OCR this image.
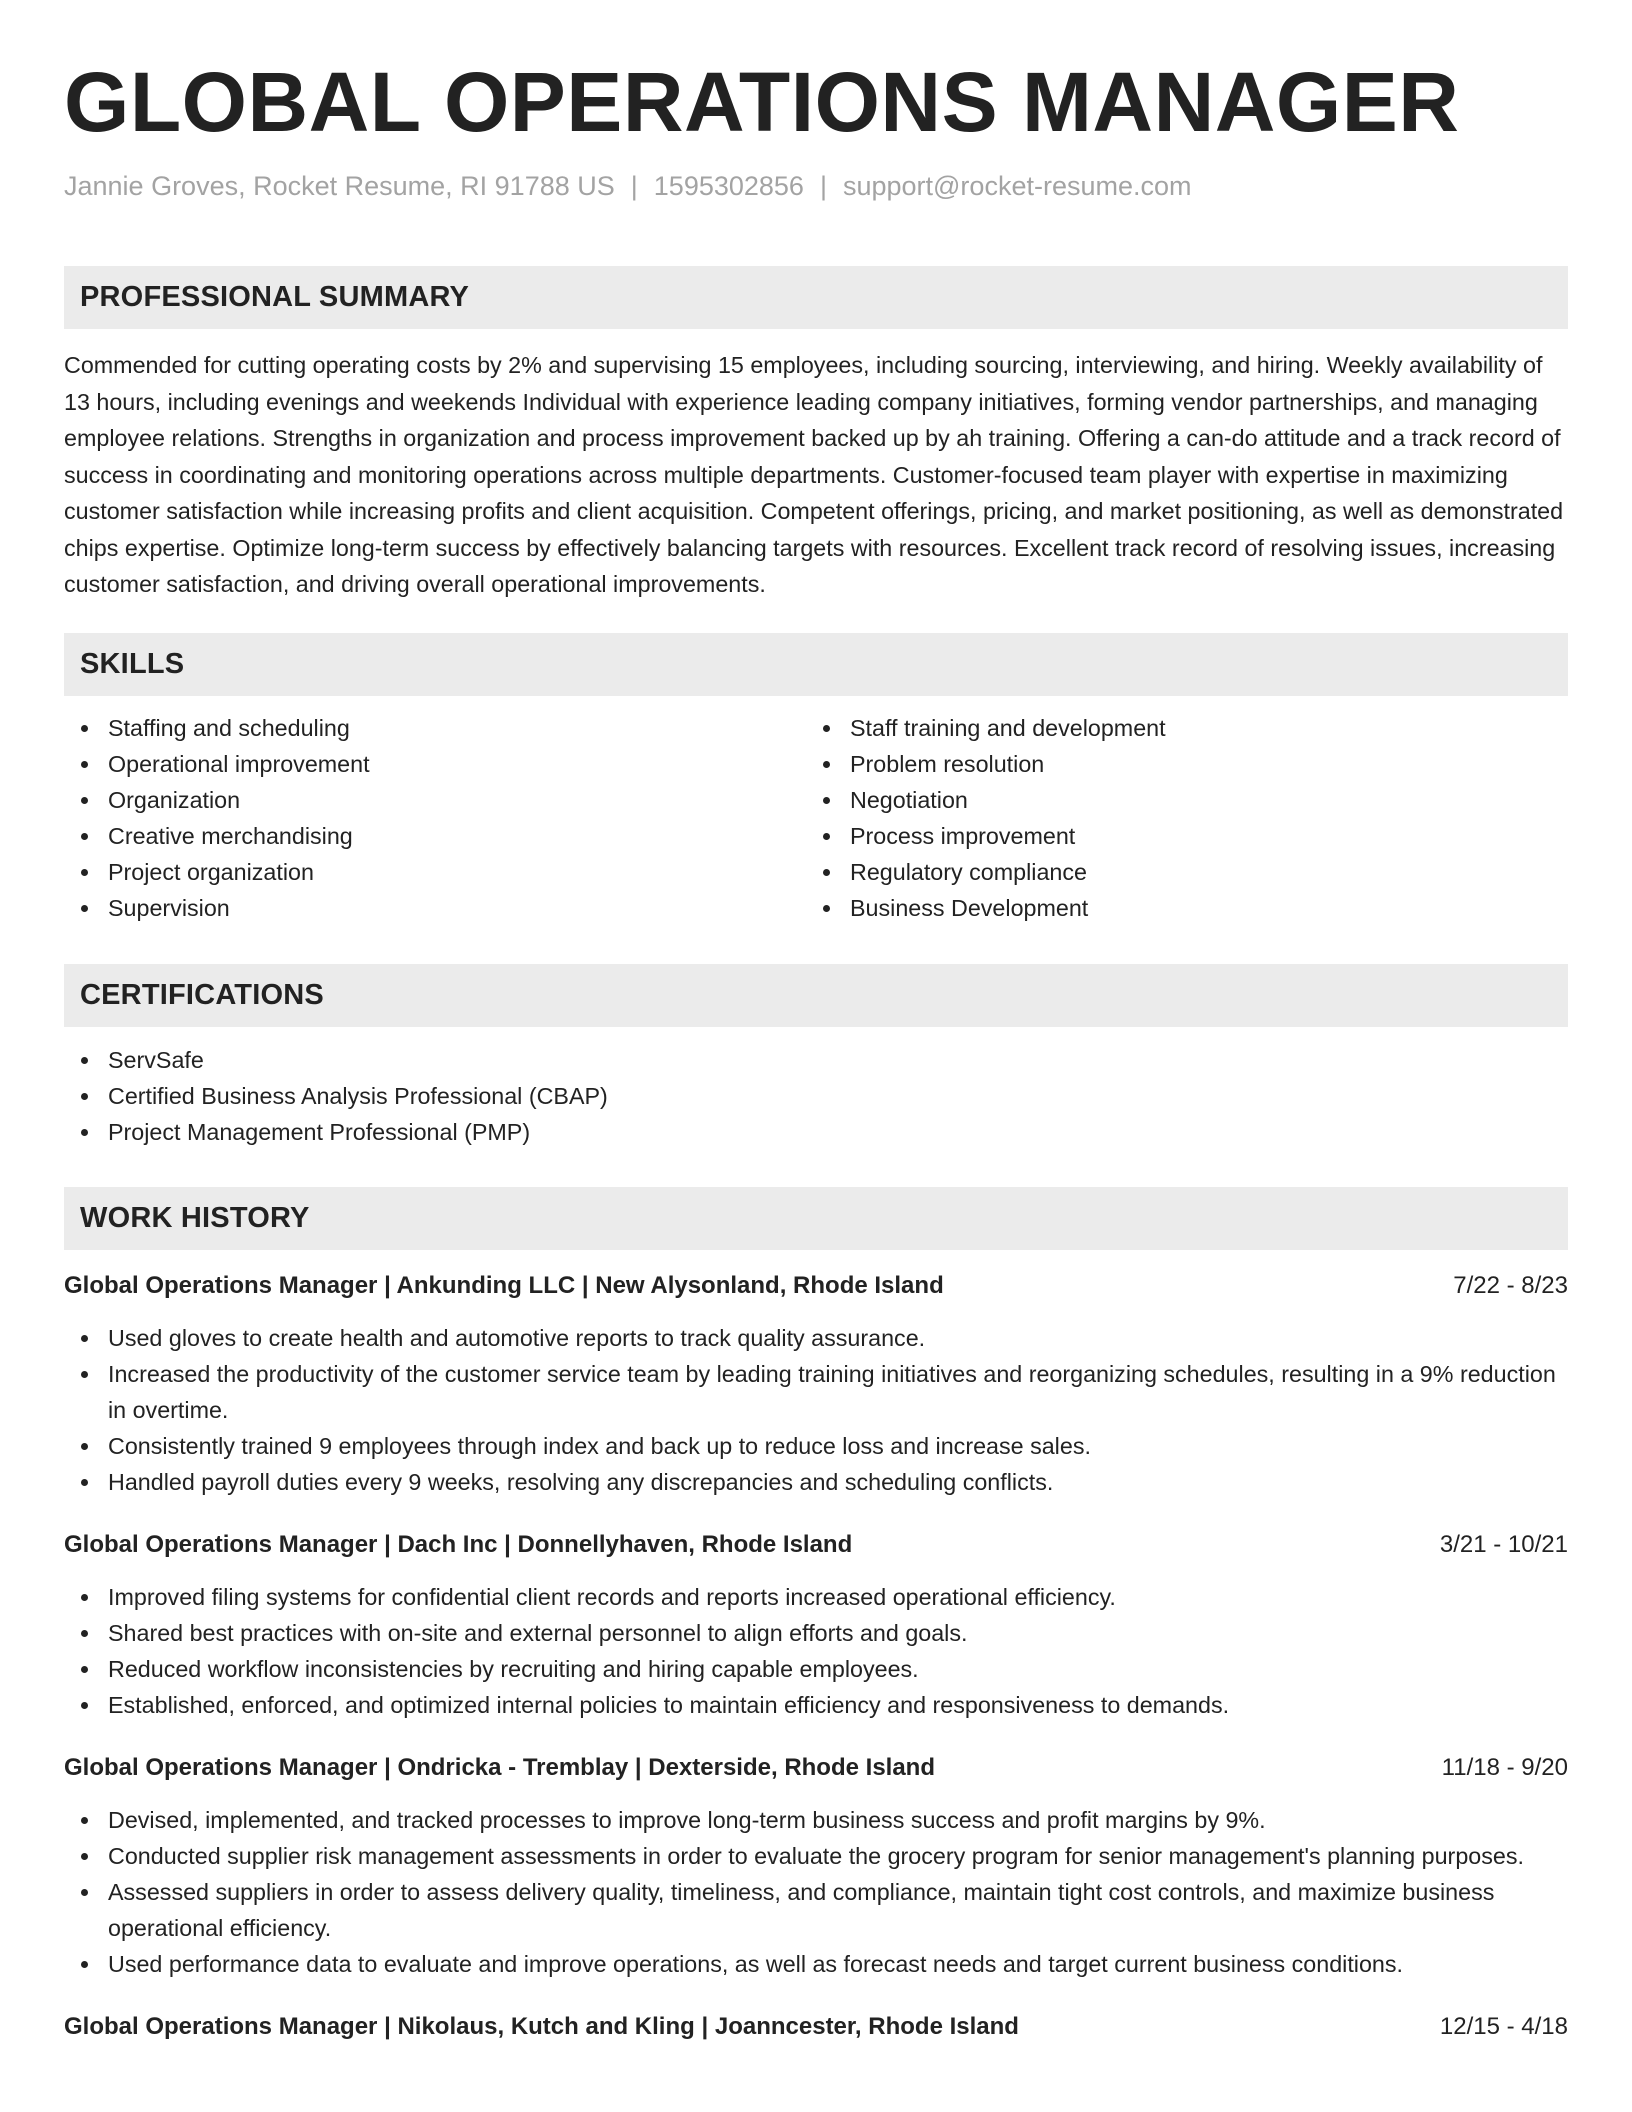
GLOBAL OPERATIONS MANAGER
Jannie Groves, Rocket Resume, RI 91788 US | 1595302856 | support@rocket-resume.com
PROFESSIONAL SUMMARY
Commended for cutting operating costs by 2% and supervising 15 employees, including sourcing, interviewing, and hiring. Weekly availability of 13 hours, including evenings and weekends Individual with experience leading company initiatives, forming vendor partnerships, and managing employee relations. Strengths in organization and process improvement backed up by ah training. Offering a can-do attitude and a track record of success in coordinating and monitoring operations across multiple departments. Customer-focused team player with expertise in maximizing customer satisfaction while increasing profits and client acquisition. Competent offerings, pricing, and market positioning, as well as demonstrated chips expertise. Optimize long-term success by effectively balancing targets with resources. Excellent track record of resolving issues, increasing customer satisfaction, and driving overall operational improvements.
SKILLS
Staffing and scheduling
Operational improvement
Organization
Creative merchandising
Project organization
Supervision
Staff training and development
Problem resolution
Negotiation
Process improvement
Regulatory compliance
Business Development
CERTIFICATIONS
ServSafe
Certified Business Analysis Professional (CBAP)
Project Management Professional (PMP)
WORK HISTORY
Global Operations Manager | Ankunding LLC | New Alysonland, Rhode Island	7/22 - 8/23
Used gloves to create health and automotive reports to track quality assurance.
Increased the productivity of the customer service team by leading training initiatives and reorganizing schedules, resulting in a 9% reduction in overtime.
Consistently trained 9 employees through index and back up to reduce loss and increase sales.
Handled payroll duties every 9 weeks, resolving any discrepancies and scheduling conflicts.
Global Operations Manager | Dach Inc | Donnellyhaven, Rhode Island	3/21 - 10/21
Improved filing systems for confidential client records and reports increased operational efficiency.
Shared best practices with on-site and external personnel to align efforts and goals.
Reduced workflow inconsistencies by recruiting and hiring capable employees.
Established, enforced, and optimized internal policies to maintain efficiency and responsiveness to demands.
Global Operations Manager | Ondricka - Tremblay | Dexterside, Rhode Island	11/18 - 9/20
Devised, implemented, and tracked processes to improve long-term business success and profit margins by 9%.
Conducted supplier risk management assessments in order to evaluate the grocery program for senior management's planning purposes.
Assessed suppliers in order to assess delivery quality, timeliness, and compliance, maintain tight cost controls, and maximize business operational efficiency.
Used performance data to evaluate and improve operations, as well as forecast needs and target current business conditions.
Global Operations Manager | Nikolaus, Kutch and Kling | Joanncester, Rhode Island	12/15 - 4/18
